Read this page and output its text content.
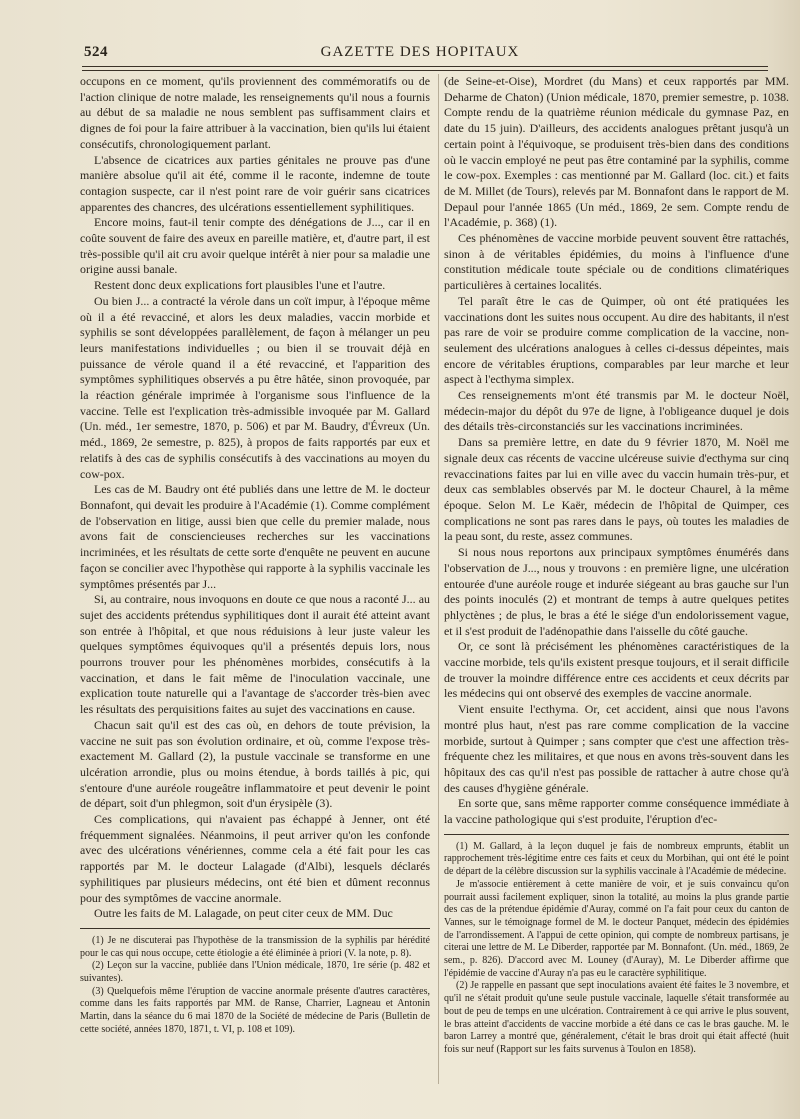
524	GAZETTE DES HOPITAUX

occupons en ce moment, qu'ils proviennent des commémoratifs ou de l'action clinique de notre malade, les renseignements qu'il nous a fournis au début de sa maladie ne nous semblent pas suffisamment clairs et dignes de foi pour la faire attribuer à la vaccination, bien qu'ils lui étaient consécutifs, chronologiquement parlant.

L'absence de cicatrices aux parties génitales ne prouve pas d'une manière absolue qu'il ait été, comme il le raconte, indemne de toute contagion suspecte, car il n'est point rare de voir guérir sans cicatrices apparentes des chancres, des ulcérations essentiellement syphilitiques.

Encore moins, faut-il tenir compte des dénégations de J..., car il en coûte souvent de faire des aveux en pareille matière, et, d'autre part, il est très-possible qu'il ait cru avoir quelque intérêt à nier pour sa maladie une origine aussi banale.

Restent donc deux explications fort plausibles l'une et l'autre.

Ou bien J... a contracté la vérole dans un coït impur, à l'époque même où il a été revacciné, et alors les deux maladies, vaccin morbide et syphilis se sont développées parallèlement, de façon à mélanger un peu leurs manifestations individuelles ; ou bien il se trouvait déjà en puissance de vérole quand il a été revacciné, et l'apparition des symptômes syphilitiques observés a pu être hâtée, sinon provoquée, par la réaction générale imprimée à l'organisme sous l'influence de la vaccine. Telle est l'explication très-admissible invoquée par M. Gallard (Un. méd., 1er semestre, 1870, p. 506) et par M. Baudry, d'Évreux (Un. méd., 1869, 2e semestre, p. 825), à propos de faits rapportés par eux et relatifs à des cas de syphilis consécutifs à des vaccinations au moyen du cow-pox.

Les cas de M. Baudry ont été publiés dans une lettre de M. le docteur Bonnafont, qui devait les produire à l'Académie (1). Comme complément de l'observation en litige, aussi bien que celle du premier malade, nous avons fait de consciencieuses recherches sur les vaccinations incriminées, et les résultats de cette sorte d'enquête ne peuvent en aucune façon se concilier avec l'hypothèse qui rapporte à la syphilis vaccinale les symptômes présentés par J...

Si, au contraire, nous invoquons en doute ce que nous a raconté J... au sujet des accidents prétendus syphilitiques dont il aurait été atteint avant son entrée à l'hôpital, et que nous réduisions à leur juste valeur les quelques symptômes équivoques qu'il a présentés depuis lors, nous pourrons trouver pour les phénomènes morbides, consécutifs à la vaccination, et dans le fait même de l'inoculation vaccinale, une explication toute naturelle qui a l'avantage de s'accorder très-bien avec les résultats des perquisitions faites au sujet des vaccinations en cause.

Chacun sait qu'il est des cas où, en dehors de toute prévision, la vaccine ne suit pas son évolution ordinaire, et où, comme l'expose très-exactement M. Gallard (2), la pustule vaccinale se transforme en une ulcération arrondie, plus ou moins étendue, à bords taillés à pic, qui s'entoure d'une auréole rougeâtre inflammatoire et peut devenir le point de départ, soit d'un phlegmon, soit d'un érysipèle (3).

Ces complications, qui n'avaient pas échappé à Jenner, ont été fréquemment signalées. Néanmoins, il peut arriver qu'on les confonde avec des ulcérations vénériennes, comme cela a été fait pour les cas rapportés par M. le docteur Lalagade (d'Albi), lesquels déclarés syphilitiques par plusieurs médecins, ont été bien et dûment reconnus pour des symptômes de vaccine anormale.

Outre les faits de M. Lalagade, on peut citer ceux de MM. Duc

(1) Je ne discuterai pas l'hypothèse de la transmission de la syphilis par hérédité pour le cas qui nous occupe, cette étiologie a été éliminée à priori (V. la note, p. 8).

(2) Leçon sur la vaccine, publiée dans l'Union médicale, 1870, 1re série (p. 482 et suivantes).

(3) Quelquefois même l'éruption de vaccine anormale présente d'autres caractères, comme dans les faits rapportés par MM. de Ranse, Charrier, Lagneau et Antonin Martin, dans la séance du 6 mai 1870 de la Société de médecine de Paris (Bulletin de cette société, années 1870, 1871, t. VI, p. 108 et 109).

(de Seine-et-Oise), Mordret (du Mans) et ceux rapportés par MM. Deharme de Chaton) (Union médicale, 1870, premier semestre, p. 1038. Compte rendu de la quatrième réunion médicale du gymnase Paz, en date du 15 juin). D'ailleurs, des accidents analogues prêtant jusqu'à un certain point à l'équivoque, se produisent très-bien dans des conditions où le vaccin employé ne peut pas être contaminé par la syphilis, comme le cow-pox. Exemples : cas mentionné par M. Gallard (loc. cit.) et faits de M. Millet (de Tours), relevés par M. Bonnafont dans le rapport de M. Depaul pour l'année 1865 (Un méd., 1869, 2e sem. Compte rendu de l'Académie, p. 368) (1).

Ces phénomènes de vaccine morbide peuvent souvent être rattachés, sinon à de véritables épidémies, du moins à l'influence d'une constitution médicale toute spéciale ou de conditions climatériques particulières à certaines localités.

Tel paraît être le cas de Quimper, où ont été pratiquées les vaccinations dont les suites nous occupent. Au dire des habitants, il n'est pas rare de voir se produire comme complication de la vaccine, non-seulement des ulcérations analogues à celles ci-dessus dépeintes, mais encore de véritables éruptions, comparables par leur marche et leur aspect à l'ecthyma simplex.

Ces renseignements m'ont été transmis par M. le docteur Noël, médecin-major du dépôt du 97e de ligne, à l'obligeance duquel je dois des détails très-circonstanciés sur les vaccinations incriminées.

Dans sa première lettre, en date du 9 février 1870, M. Noël me signale deux cas récents de vaccine ulcéreuse suivie d'ecthyma sur cinq revaccinations faites par lui en ville avec du vaccin humain très-pur, et deux cas semblables observés par M. le docteur Chaurel, à la même époque. Selon M. Le Kaër, médecin de l'hôpital de Quimper, ces complications ne sont pas rares dans le pays, où toutes les maladies de la peau sont, du reste, assez communes.

Si nous nous reportons aux principaux symptômes énumérés dans l'observation de J..., nous y trouvons : en première ligne, une ulcération entourée d'une auréole rouge et indurée siégeant au bras gauche sur l'un des points inoculés (2) et montrant de temps à autre quelques petites phlyctènes ; de plus, le bras a été le siége d'un endolorissement vague, et il s'est produit de l'adénopathie dans l'aisselle du côté gauche.

Or, ce sont là précisément les phénomènes caractéristiques de la vaccine morbide, tels qu'ils existent presque toujours, et il serait difficile de trouver la moindre différence entre ces accidents et ceux décrits par les médecins qui ont observé des exemples de vaccine anormale.

Vient ensuite l'ecthyma. Or, cet accident, ainsi que nous l'avons montré plus haut, n'est pas rare comme complication de la vaccine morbide, surtout à Quimper ; sans compter que c'est une affection très-fréquente chez les militaires, et que nous en avons très-souvent dans les hôpitaux des cas qu'il n'est pas possible de rattacher à autre chose qu'à des causes d'hygiène générale.

En sorte que, sans même rapporter comme conséquence immédiate à la vaccine pathologique qui s'est produite, l'éruption d'ec-

(1) M. Gallard, à la leçon duquel je fais de nombreux emprunts, établit un rapprochement très-légitime entre ces faits et ceux du Morbihan, qui ont été le point de départ de la célèbre discussion sur la syphilis vaccinale à l'Académie de médecine.

Je m'associe entièrement à cette manière de voir, et je suis convaincu qu'on pourrait aussi facilement expliquer, sinon la totalité, au moins la plus grande partie des cas de la prétendue épidémie d'Auray, commé on l'a fait pour ceux du canton de Vannes, sur le témoignage formel de M. le docteur Panquet, médecin des épidémies de l'arrondissement. A l'appui de cette opinion, qui compte de nombreux partisans, je citerai une lettre de M. Le Diberder, rapportée par M. Bonnafont. (Un. méd., 1869, 2e sem., p. 826). D'accord avec M. Louney (d'Auray), M. Le Diberder affirme que l'épidémie de vaccine d'Auray n'a pas eu le caractère syphilitique.

(2) Je rappelle en passant que sept inoculations avaient été faites le 3 novembre, et qu'il ne s'était produit qu'une seule pustule vaccinale, laquelle s'était transformée au bout de peu de temps en une ulcération. Contrairement à ce qui arrive le plus souvent, le bras atteint d'accidents de vaccine morbide a été dans ce cas le bras gauche. M. le baron Larrey a montré que, généralement, c'était le bras droit qui était affecté (huit fois sur neuf (Rapport sur les faits survenus à Toulon en 1858).
